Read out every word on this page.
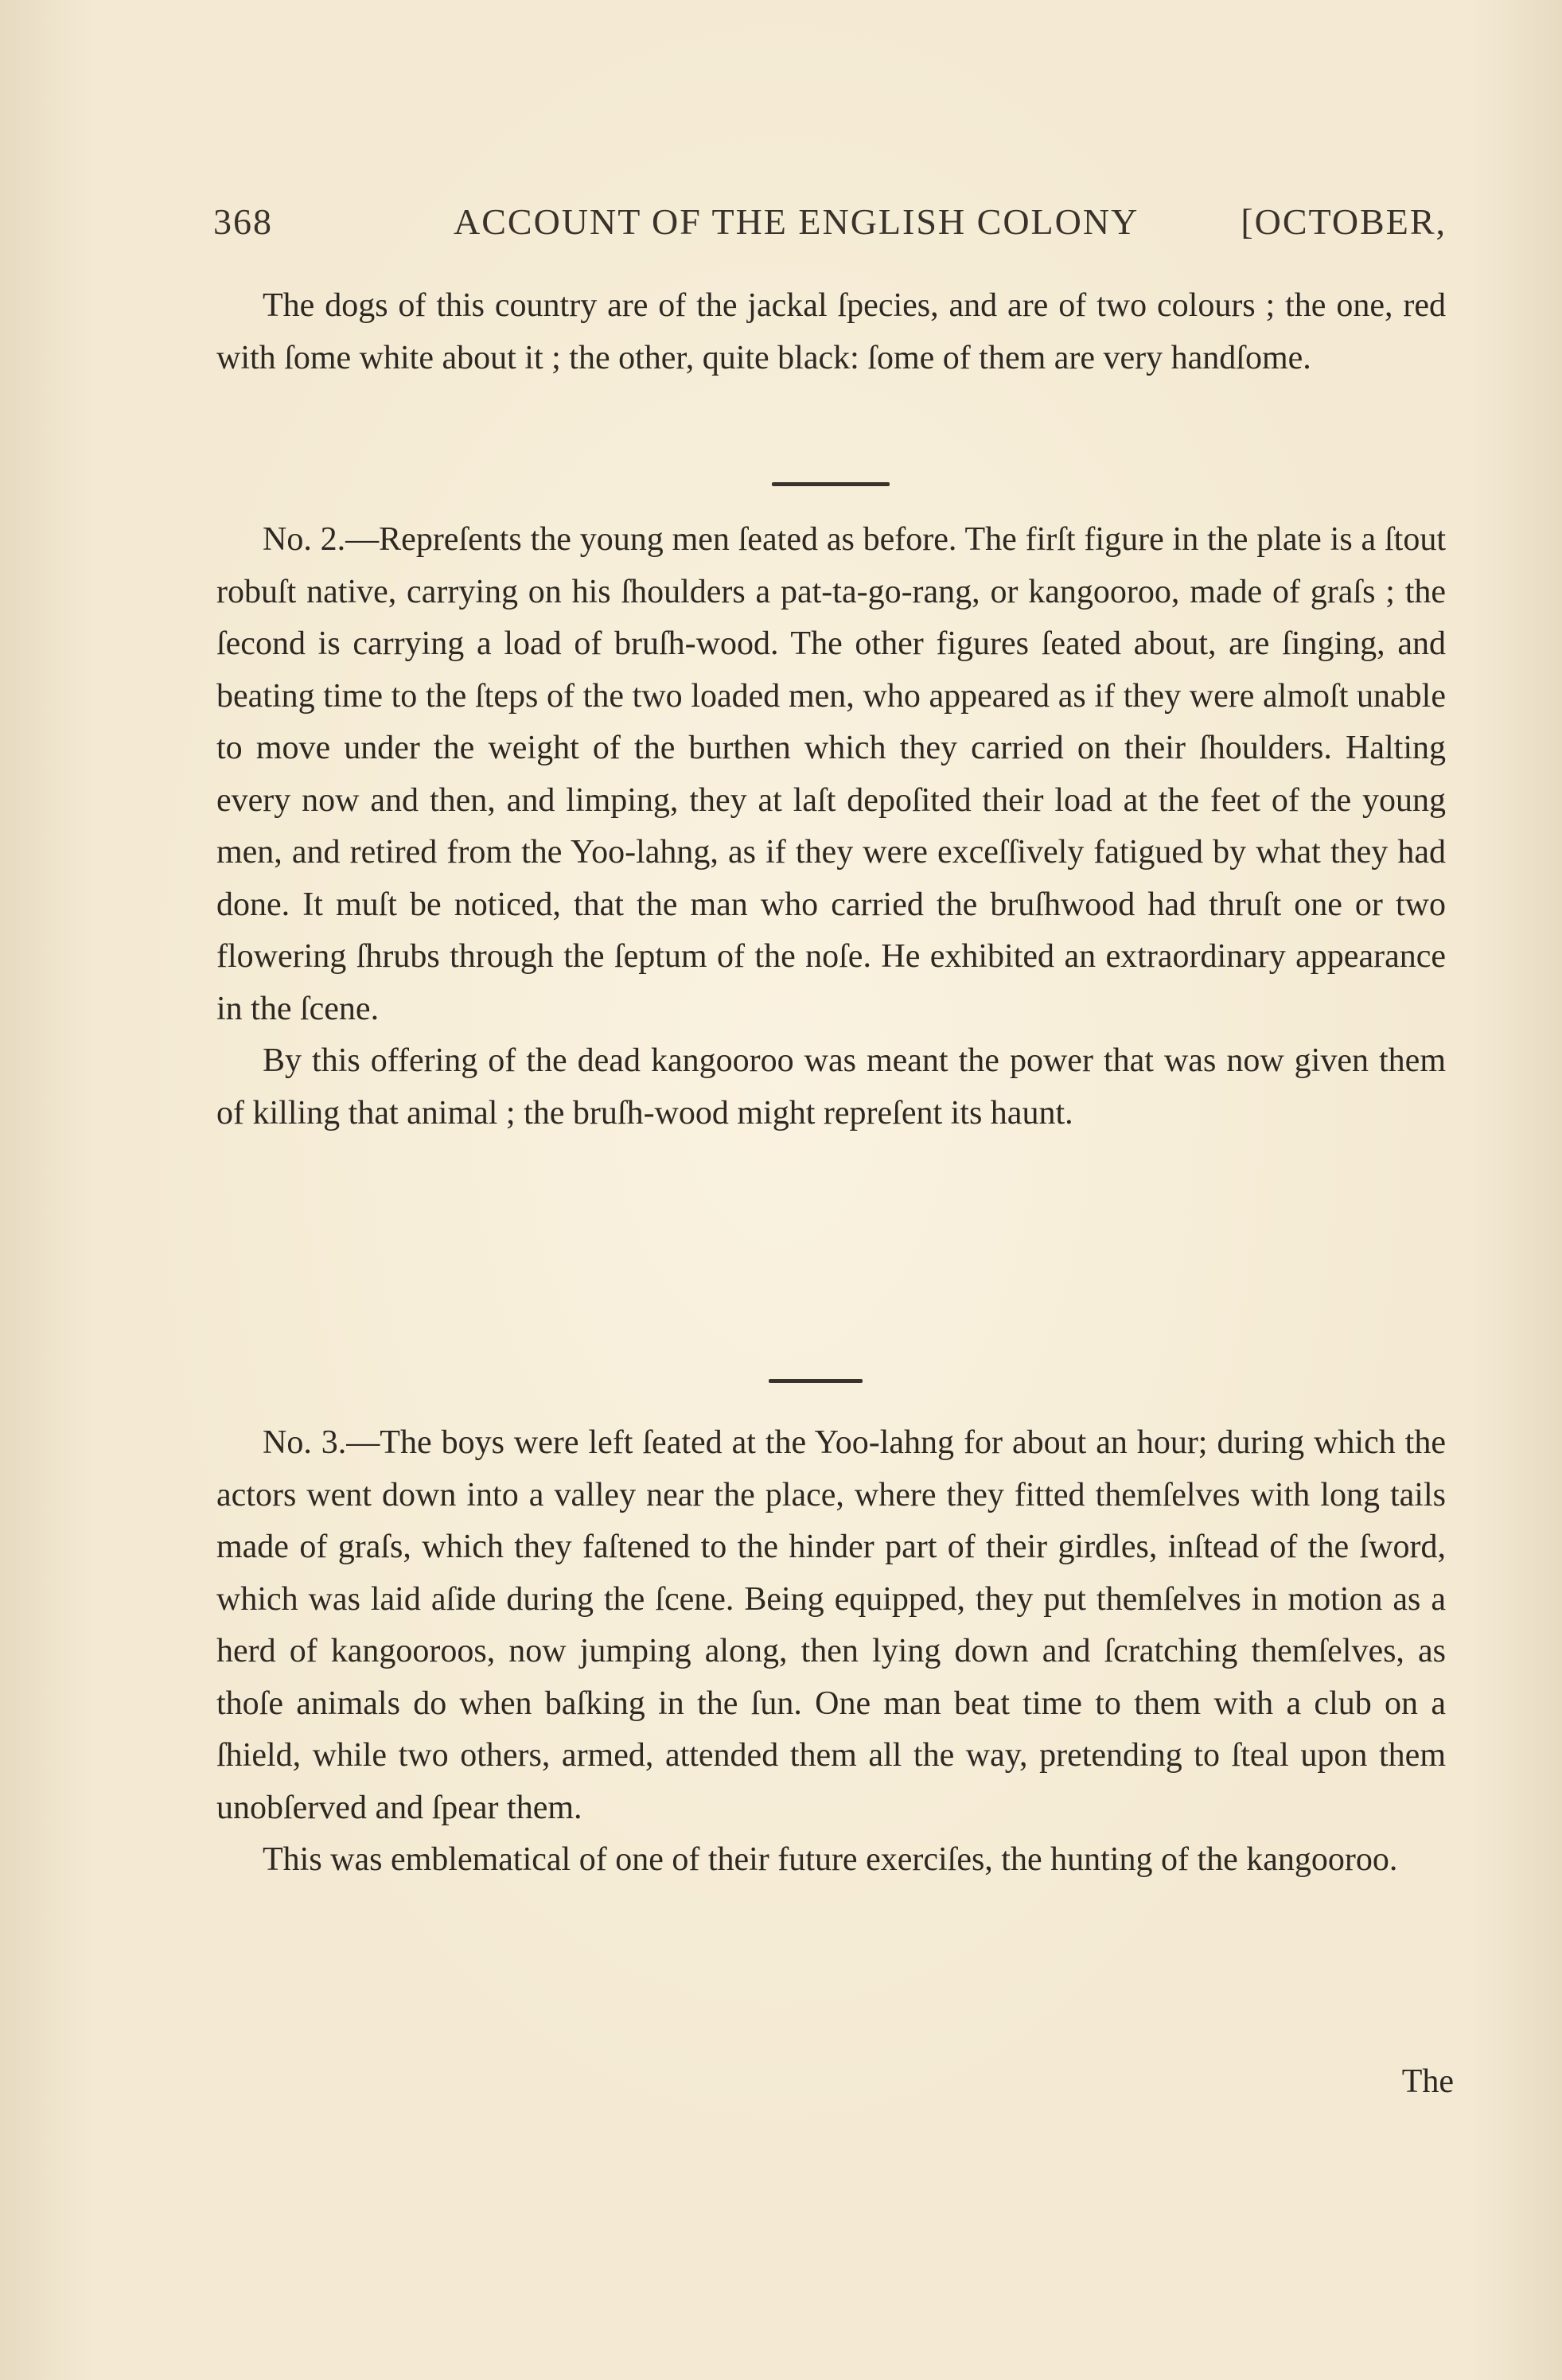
368	ACCOUNT OF THE ENGLISH COLONY	[OCTOBER,

The dogs of this country are of the jackal ſpecies, and are of two colours ; the one, red with ſome white about it ; the other, quite black: ſome of them are very handſome.

No. 2.—Repreſents the young men ſeated as before. The firſt figure in the plate is a ſtout robuſt native, carrying on his ſhoulders a pat-ta-go-rang, or kangooroo, made of graſs ; the ſecond is carrying a load of bruſh-wood. The other figures ſeated about, are ſinging, and beating time to the ſteps of the two loaded men, who appeared as if they were almoſt unable to move under the weight of the burthen which they carried on their ſhoulders. Halting every now and then, and limping, they at laſt depoſited their load at the feet of the young men, and retired from the Yoo-lahng, as if they were exceſſively fatigued by what they had done. It muſt be noticed, that the man who carried the bruſhwood had thruſt one or two flowering ſhrubs through the ſeptum of the noſe. He exhibited an extraordinary appearance in the ſcene.

By this offering of the dead kangooroo was meant the power that was now given them of killing that animal ; the bruſh-wood might repreſent its haunt.

No. 3.—The boys were left ſeated at the Yoo-lahng for about an hour; during which the actors went down into a valley near the place, where they fitted themſelves with long tails made of graſs, which they faſtened to the hinder part of their girdles, inſtead of the ſword, which was laid aſide during the ſcene. Being equipped, they put themſelves in motion as a herd of kangooroos, now jumping along, then lying down and ſcratching themſelves, as thoſe animals do when baſking in the ſun. One man beat time to them with a club on a ſhield, while two others, armed, attended them all the way, pretending to ſteal upon them unobſerved and ſpear them.

This was emblematical of one of their future exerciſes, the hunting of the kangooroo.

The
